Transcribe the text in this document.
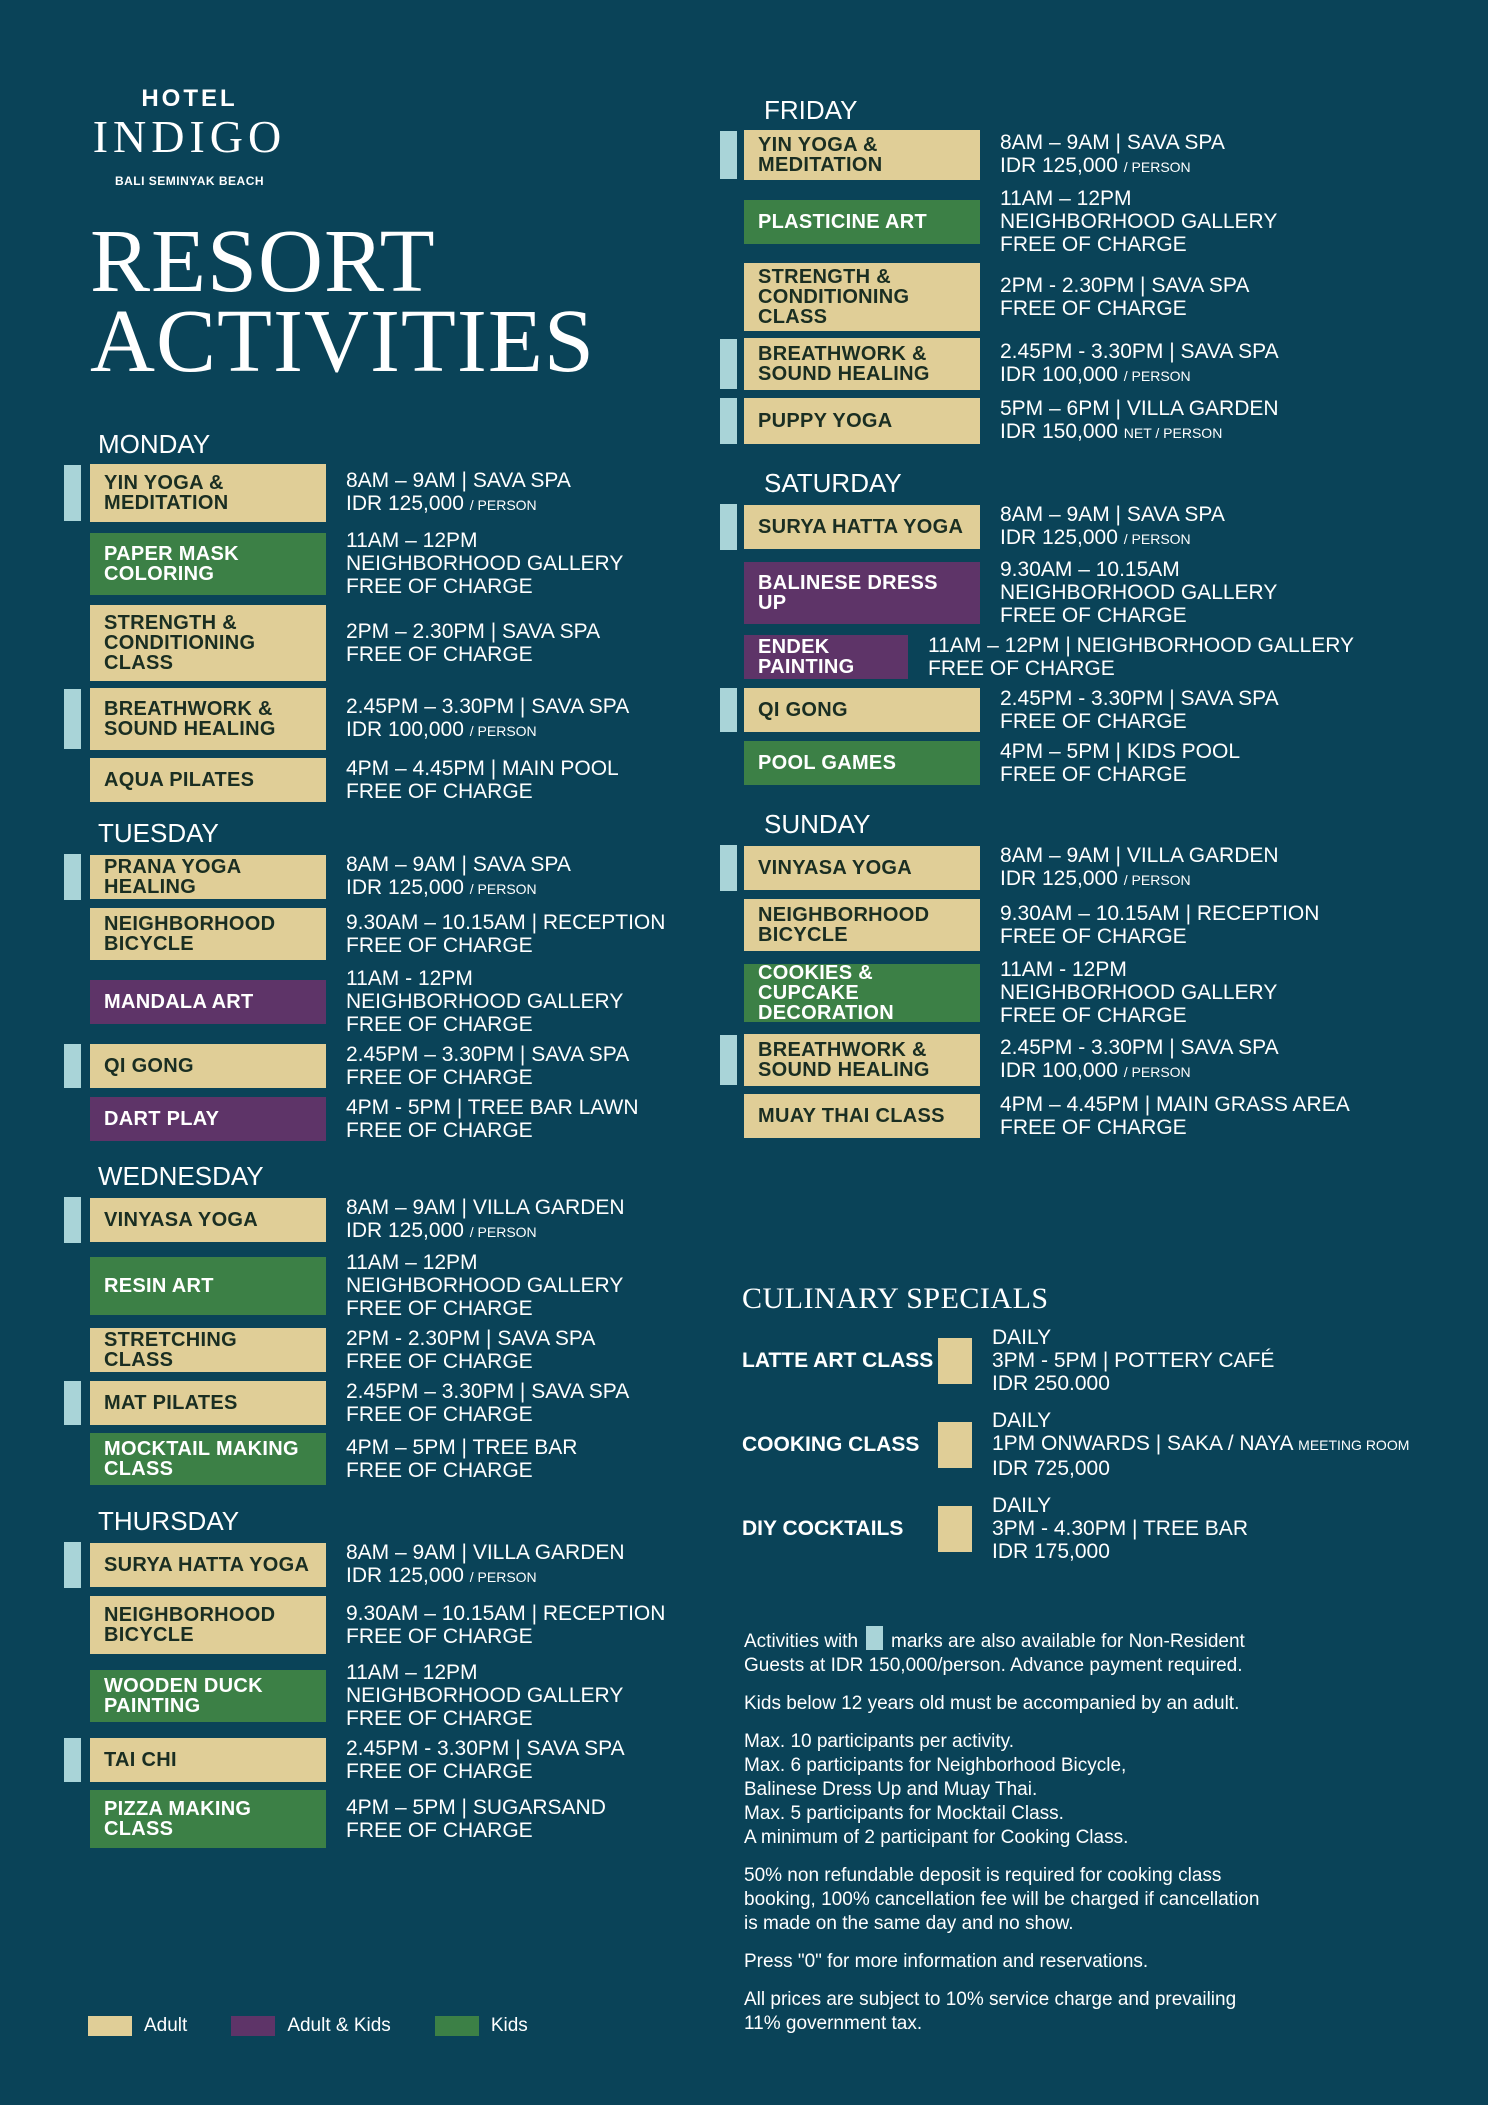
HOTEL
INDIGO
BALI SEMINYAK BEACH
RESORT
ACTIVITIES
MONDAY
YIN YOGA & MEDITATION
8AM – 9AM | SAVA SPA
IDR 125,000 / PERSON
PAPER MASK COLORING
11AM – 12PM
NEIGHBORHOOD GALLERY
FREE OF CHARGE
STRENGTH & CONDITIONING CLASS
2PM – 2.30PM | SAVA SPA
FREE OF CHARGE
BREATHWORK & SOUND HEALING
2.45PM – 3.30PM | SAVA SPA
IDR 100,000 / PERSON
AQUA PILATES	4PM – 4.45PM | MAIN POOL
FREE OF CHARGE
TUESDAY
PRANA YOGA HEALING
8AM – 9AM | SAVA SPA
IDR 125,000 / PERSON
NEIGHBORHOOD BICYCLE
9.30AM – 10.15AM | RECEPTION
FREE OF CHARGE
MANDALA ART
11AM - 12PM
NEIGHBORHOOD GALLERY
FREE OF CHARGE
QI GONG	2.45PM – 3.30PM | SAVA SPA
FREE OF CHARGE
DART PLAY	4PM - 5PM | TREE BAR LAWN
FREE OF CHARGE
WEDNESDAY
VINYASA YOGA
8AM – 9AM | VILLA GARDEN
IDR 125,000 / PERSON
RESIN ART
11AM – 12PM
NEIGHBORHOOD GALLERY
FREE OF CHARGE
STRETCHING CLASS
2PM - 2.30PM | SAVA SPA
FREE OF CHARGE
MAT PILATES	2.45PM – 3.30PM | SAVA SPA
FREE OF CHARGE
MOCKTAIL MAKING CLASS
4PM – 5PM | TREE BAR
FREE OF CHARGE
THURSDAY
SURYA HATTA YOGA
8AM – 9AM | VILLA GARDEN
IDR 125,000 / PERSON
NEIGHBORHOOD BICYCLE
9.30AM – 10.15AM | RECEPTION
FREE OF CHARGE
WOODEN DUCK PAINTING
11AM – 12PM
NEIGHBORHOOD GALLERY
FREE OF CHARGE
TAI CHI	2.45PM - 3.30PM | SAVA SPA
FREE OF CHARGE
PIZZA MAKING CLASS
4PM – 5PM | SUGARSAND
FREE OF CHARGE
FRIDAY
YIN YOGA & MEDITATION
8AM – 9AM | SAVA SPA
IDR 125,000 / PERSON
PLASTICINE ART
11AM – 12PM
NEIGHBORHOOD GALLERY
FREE OF CHARGE
STRENGTH & CONDITIONING CLASS
2PM - 2.30PM | SAVA SPA
FREE OF CHARGE
BREATHWORK & SOUND HEALING
2.45PM - 3.30PM | SAVA SPA
IDR 100,000 / PERSON
PUPPY YOGA
5PM – 6PM | VILLA GARDEN
IDR 150,000 NET / PERSON
SATURDAY
SURYA HATTA YOGA
8AM – 9AM | SAVA SPA
IDR 125,000 / PERSON
BALINESE DRESS UP
9.30AM – 10.15AM
NEIGHBORHOOD GALLERY
FREE OF CHARGE
ENDEK PAINTING
11AM – 12PM | NEIGHBORHOOD GALLERY
FREE OF CHARGE
QI GONG	2.45PM - 3.30PM | SAVA SPA
FREE OF CHARGE
POOL GAMES	4PM – 5PM | KIDS POOL
FREE OF CHARGE
SUNDAY
VINYASA YOGA
8AM – 9AM | VILLA GARDEN
IDR 125,000 / PERSON
NEIGHBORHOOD BICYCLE
9.30AM – 10.15AM | RECEPTION
FREE OF CHARGE
COOKIES & CUPCAKE DECORATION
11AM - 12PM
NEIGHBORHOOD GALLERY
FREE OF CHARGE
BREATHWORK & SOUND HEALING
2.45PM - 3.30PM | SAVA SPA
IDR 100,000 / PERSON
MUAY THAI CLASS	4PM – 4.45PM | MAIN GRASS AREA
FREE OF CHARGE
CULINARY SPECIALS
LATTE ART CLASS
DAILY
3PM - 5PM | POTTERY CAFÉ
IDR 250.000
COOKING CLASS
DAILY
1PM ONWARDS | SAKA / NAYA MEETING ROOM
IDR 725,000
DIY COCKTAILS
DAILY
3PM - 4.30PM | TREE BAR
IDR 175,000

Activities with marks are also available for Non-Resident
Guests at IDR 150,000/person. Advance payment required.

Kids below 12 years old must be accompanied by an adult.

Max. 10 participants per activity.
Max. 6 participants for Neighborhood Bicycle,
Balinese Dress Up and Muay Thai.
Max. 5 participants for Mocktail Class.
A minimum of 2 participant for Cooking Class.

50% non refundable deposit is required for cooking class
booking, 100% cancellation fee will be charged if cancellation
is made on the same day and no show.

Press "0" for more information and reservations.

All prices are subject to 10% service charge and prevailing
11% government tax.

Adult	Adult & Kids	Kids
